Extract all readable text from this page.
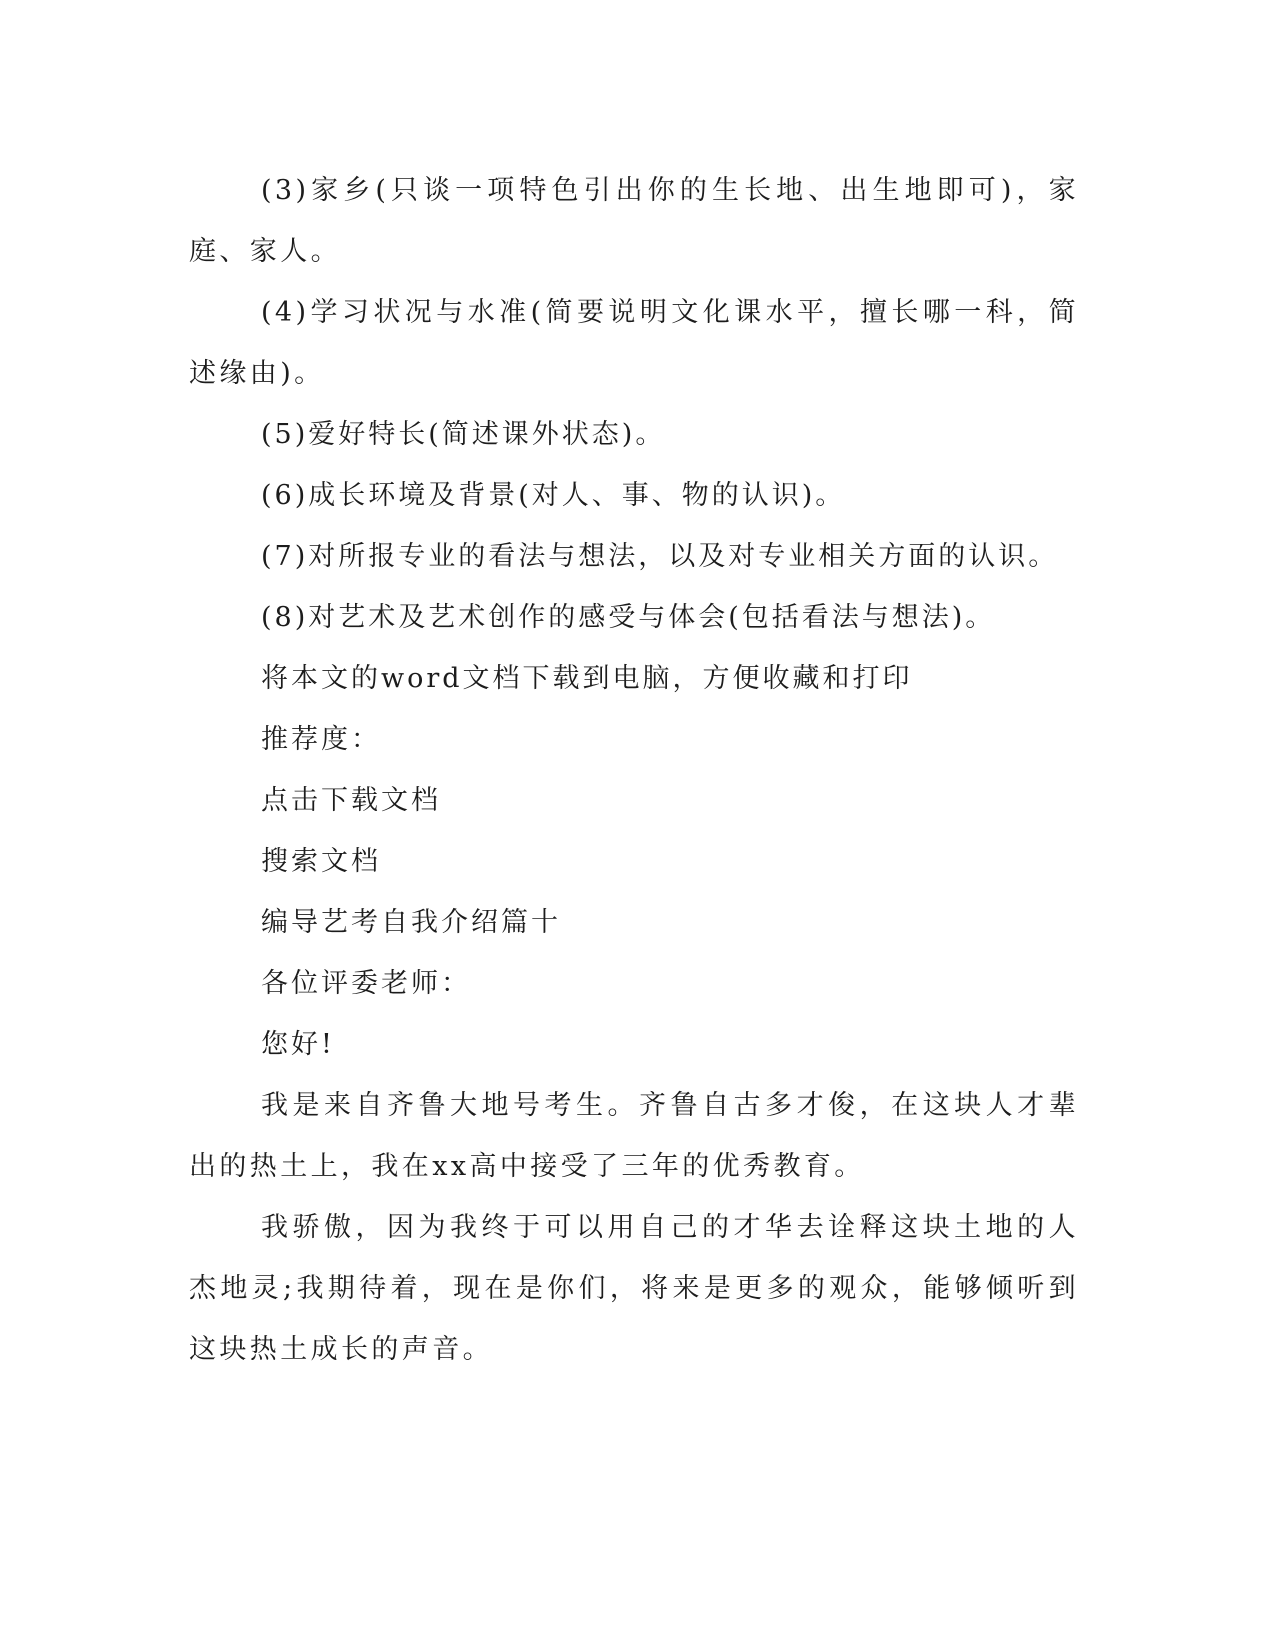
(3)家乡(只谈一项特色引出你的生长地、出生地即可)，家庭、家人。

(4)学习状况与水准(简要说明文化课水平，擅长哪一科，简述缘由)。

(5)爱好特长(简述课外状态)。

(6)成长环境及背景(对人、事、物的认识)。

(7)对所报专业的看法与想法，以及对专业相关方面的认识。

(8)对艺术及艺术创作的感受与体会(包括看法与想法)。

将本文的word文档下载到电脑，方便收藏和打印

推荐度：

点击下载文档

搜索文档

编导艺考自我介绍篇十

各位评委老师：

您好!

我是来自齐鲁大地号考生。齐鲁自古多才俊，在这块人才辈出的热土上，我在xx高中接受了三年的优秀教育。

我骄傲，因为我终于可以用自己的才华去诠释这块土地的人杰地灵;我期待着，现在是你们，将来是更多的观众，能够倾听到这块热土成长的声音。
